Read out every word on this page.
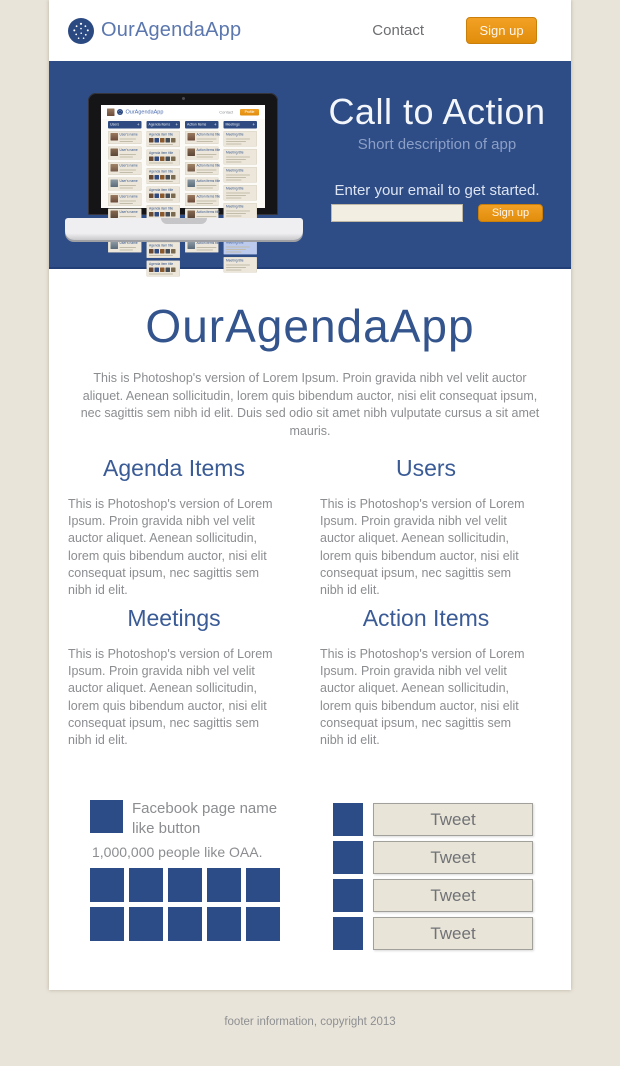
OurAgendaApp	Contact	Sign up
OurAgendaApp	Contact	Profile
Users +
User's name
User's name
User's name
User's name
User's name
User's name
User's name
Agenda Items +
Agenda item title
Agenda item title
Agenda item title
Agenda item title
Agenda item title
Agenda item title
Agenda item title
Action Items +
Action items title
Action items title
Action items title
Action items title
Action items title
Action items title
Action items title
Meetings +
Meeting title
Meeting title
Meeting title
Meeting title
Meeting title
Meeting title
Meeting title
Call to Action
Short description of app
Enter your email to get started.
Sign up
OurAgendaApp
This is Photoshop's version of Lorem Ipsum. Proin gravida nibh vel velit auctor aliquet. Aenean sollicitudin, lorem quis bibendum auctor, nisi elit consequat ipsum, nec sagittis sem nibh id elit. Duis sed odio sit amet nibh vulputate cursus a sit amet mauris.
Agenda Items

This is Photoshop's version of Lorem Ipsum. Proin gravida nibh vel velit auctor aliquet. Aenean sollicitudin, lorem quis bibendum auctor, nisi elit consequat ipsum, nec sagittis sem nibh id elit.

Users

This is Photoshop's version of Lorem Ipsum. Proin gravida nibh vel velit auctor aliquet. Aenean sollicitudin, lorem quis bibendum auctor, nisi elit consequat ipsum, nec sagittis sem nibh id elit.

Meetings

This is Photoshop's version of Lorem Ipsum. Proin gravida nibh vel velit auctor aliquet. Aenean sollicitudin, lorem quis bibendum auctor, nisi elit consequat ipsum, nec sagittis sem nibh id elit.

Action Items

This is Photoshop's version of Lorem Ipsum. Proin gravida nibh vel velit auctor aliquet. Aenean sollicitudin, lorem quis bibendum auctor, nisi elit consequat ipsum, nec sagittis sem nibh id elit.

Facebook page name
like button
1,000,000 people like OAA.
Tweet
Tweet
Tweet
Tweet
footer information, copyright 2013
